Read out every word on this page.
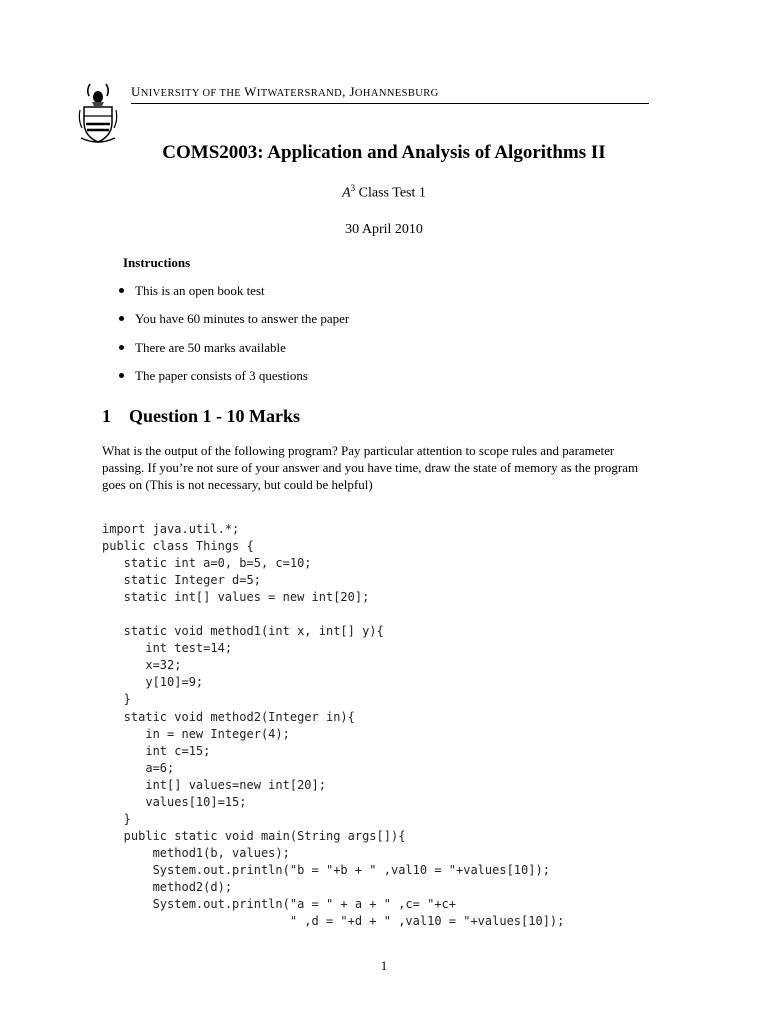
UNIVERSITY OF THE WITWATERSRAND, JOHANNESBURG
COMS2003: Application and Analysis of Algorithms II
$A^3$ Class Test 1
30 April 2010
Instructions
This is an open book test
You have 60 minutes to answer the paper
There are 50 marks available
The paper consists of 3 questions
1 Question 1 - 10 Marks
What is the output of the following program? Pay particular attention to scope rules and parameter
passing. If you’re not sure of your answer and you have time, draw the state of memory as the program
goes on (This is not necessary, but could be helpful)
import java.util.*;
public class Things {
static int a=0, b=5, c=10;
static Integer d=5;
static int[] values = new int[20];
static void method1(int x, int[] y){
int test=14;
x=32;
y[10]=9;
}
static void method2(Integer in){
in = new Integer(4);
int c=15;
a=6;
int[] values=new int[20];
values[10]=15;
}
public static void main(String args[]){
method1(b, values);
System.out.println("b = "+b + " ,val10 = "+values[10]);
method2(d);
System.out.println("a = " + a + " ,c= "+c+
" ,d = "+d + " ,val10 = "+values[10]);
1
